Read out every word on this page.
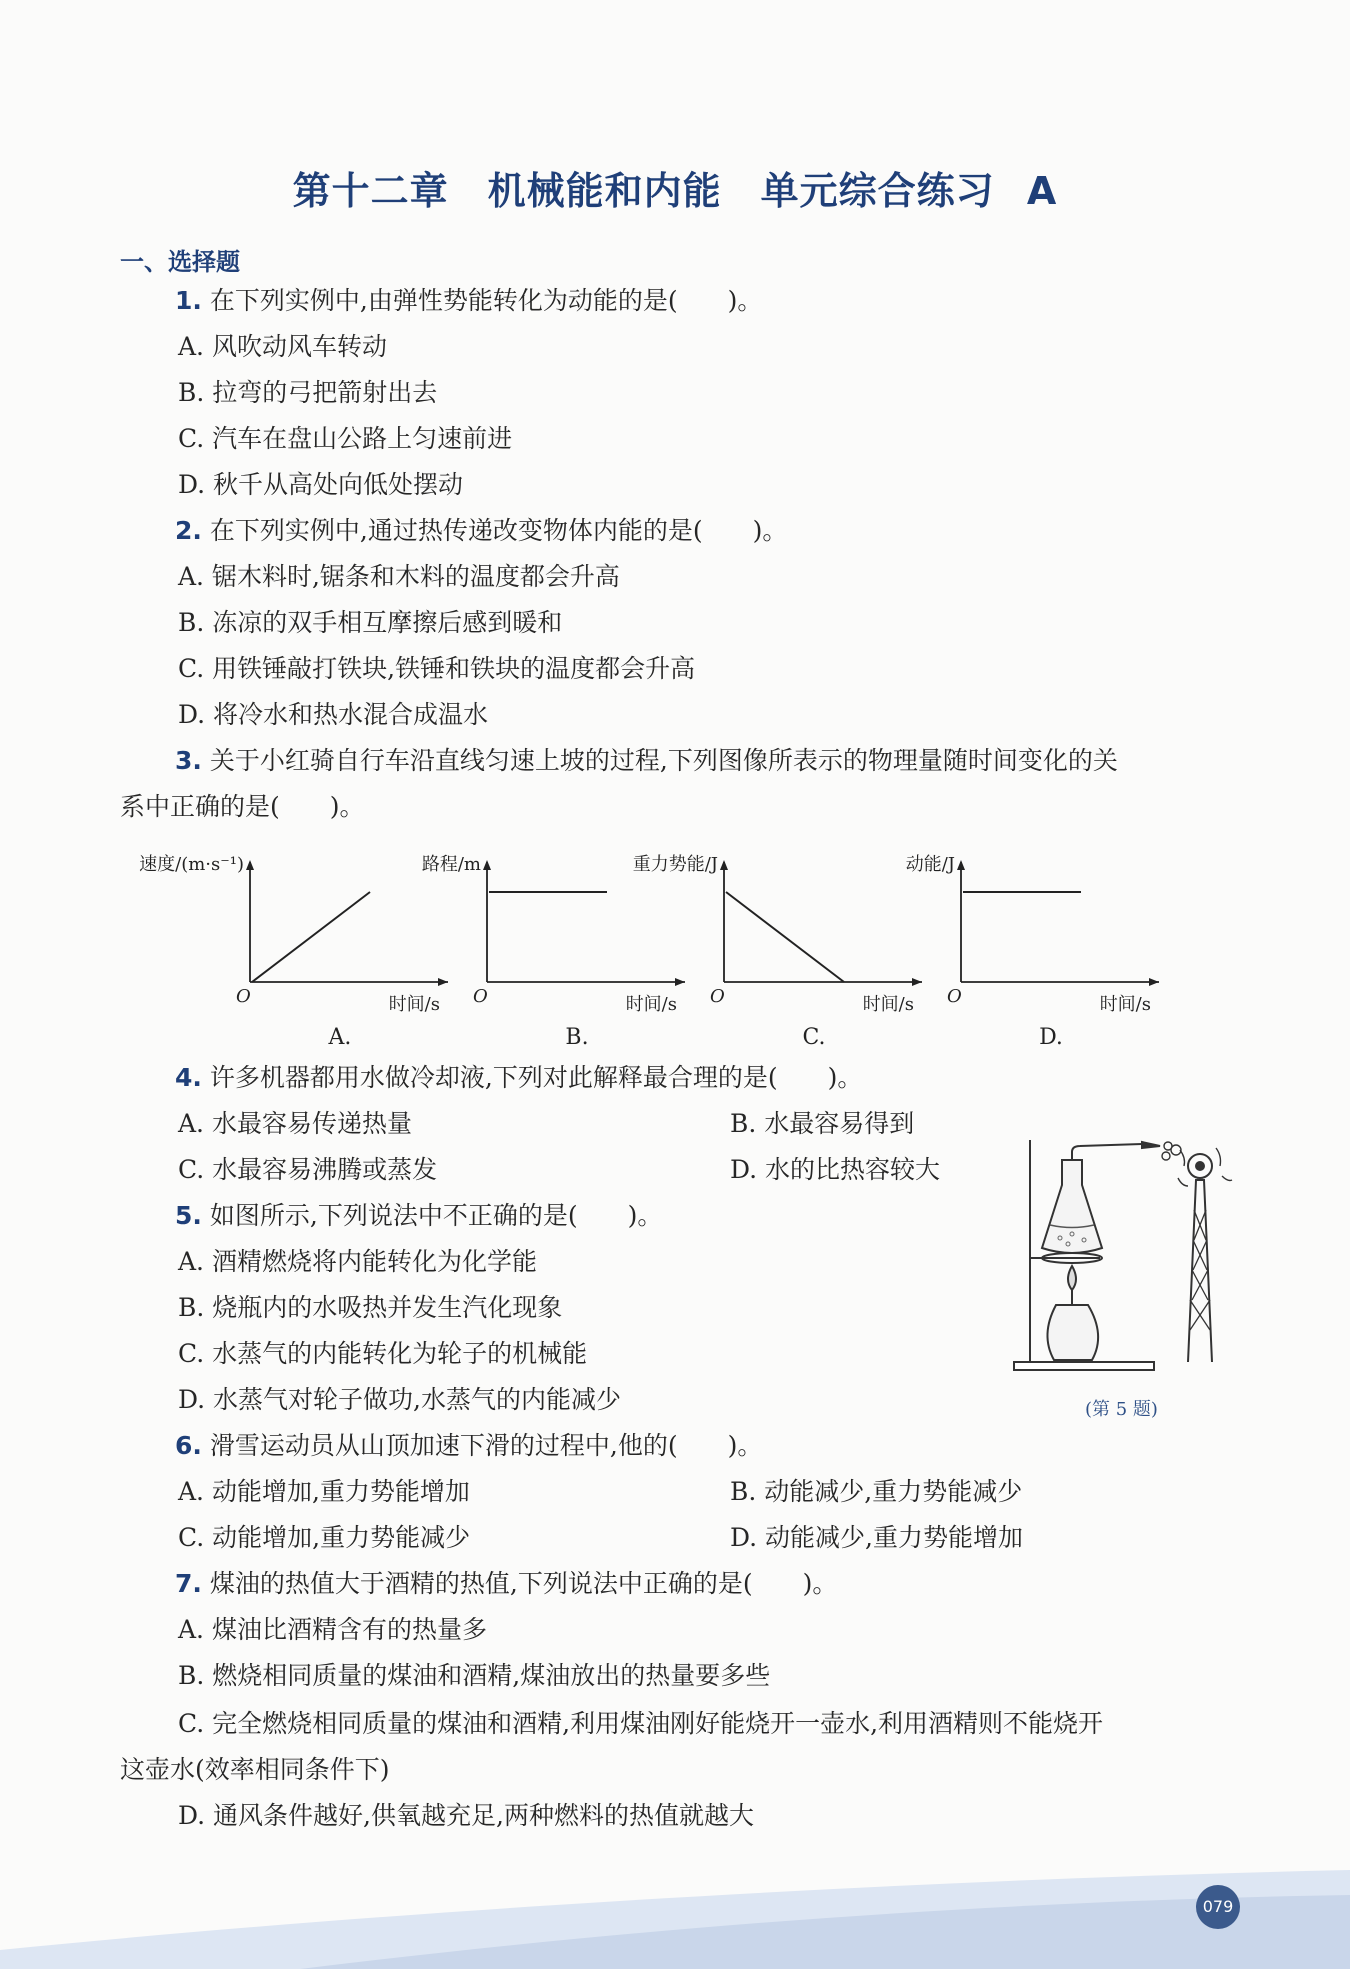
第十二章　机械能和内能　单元综合练习 A
一、选择题
1. 在下列实例中,由弹性势能转化为动能的是(　　)。
A. 风吹动风车转动
B. 拉弯的弓把箭射出去
C. 汽车在盘山公路上匀速前进
D. 秋千从高处向低处摆动
2. 在下列实例中,通过热传递改变物体内能的是(　　)。
A. 锯木料时,锯条和木料的温度都会升高
B. 冻凉的双手相互摩擦后感到暖和
C. 用铁锤敲打铁块,铁锤和铁块的温度都会升高
D. 将冷水和热水混合成温水
3. 关于小红骑自行车沿直线匀速上坡的过程,下列图像所表示的物理量随时间变化的关
系中正确的是(　　)。
速度/(m·s⁻¹)
时间/s
O
A.
路程/m
时间/s
O
B.
重力势能/J
时间/s
O
C.
动能/J
时间/s
O
D.
4. 许多机器都用水做冷却液,下列对此解释最合理的是(　　)。
A. 水最容易传递热量	B. 水最容易得到
C. 水最容易沸腾或蒸发	D. 水的比热容较大
5. 如图所示,下列说法中不正确的是(　　)。
A. 酒精燃烧将内能转化为化学能
B. 烧瓶内的水吸热并发生汽化现象
C. 水蒸气的内能转化为轮子的机械能
D. 水蒸气对轮子做功,水蒸气的内能减少	(第 5 题)
6. 滑雪运动员从山顶加速下滑的过程中,他的(　　)。
A. 动能增加,重力势能增加	B. 动能减少,重力势能减少
C. 动能增加,重力势能减少	D. 动能减少,重力势能增加
7. 煤油的热值大于酒精的热值,下列说法中正确的是(　　)。
A. 煤油比酒精含有的热量多
B. 燃烧相同质量的煤油和酒精,煤油放出的热量要多些
C. 完全燃烧相同质量的煤油和酒精,利用煤油刚好能烧开一壶水,利用酒精则不能烧开
这壶水(效率相同条件下)
D. 通风条件越好,供氧越充足,两种燃料的热值就越大
079
